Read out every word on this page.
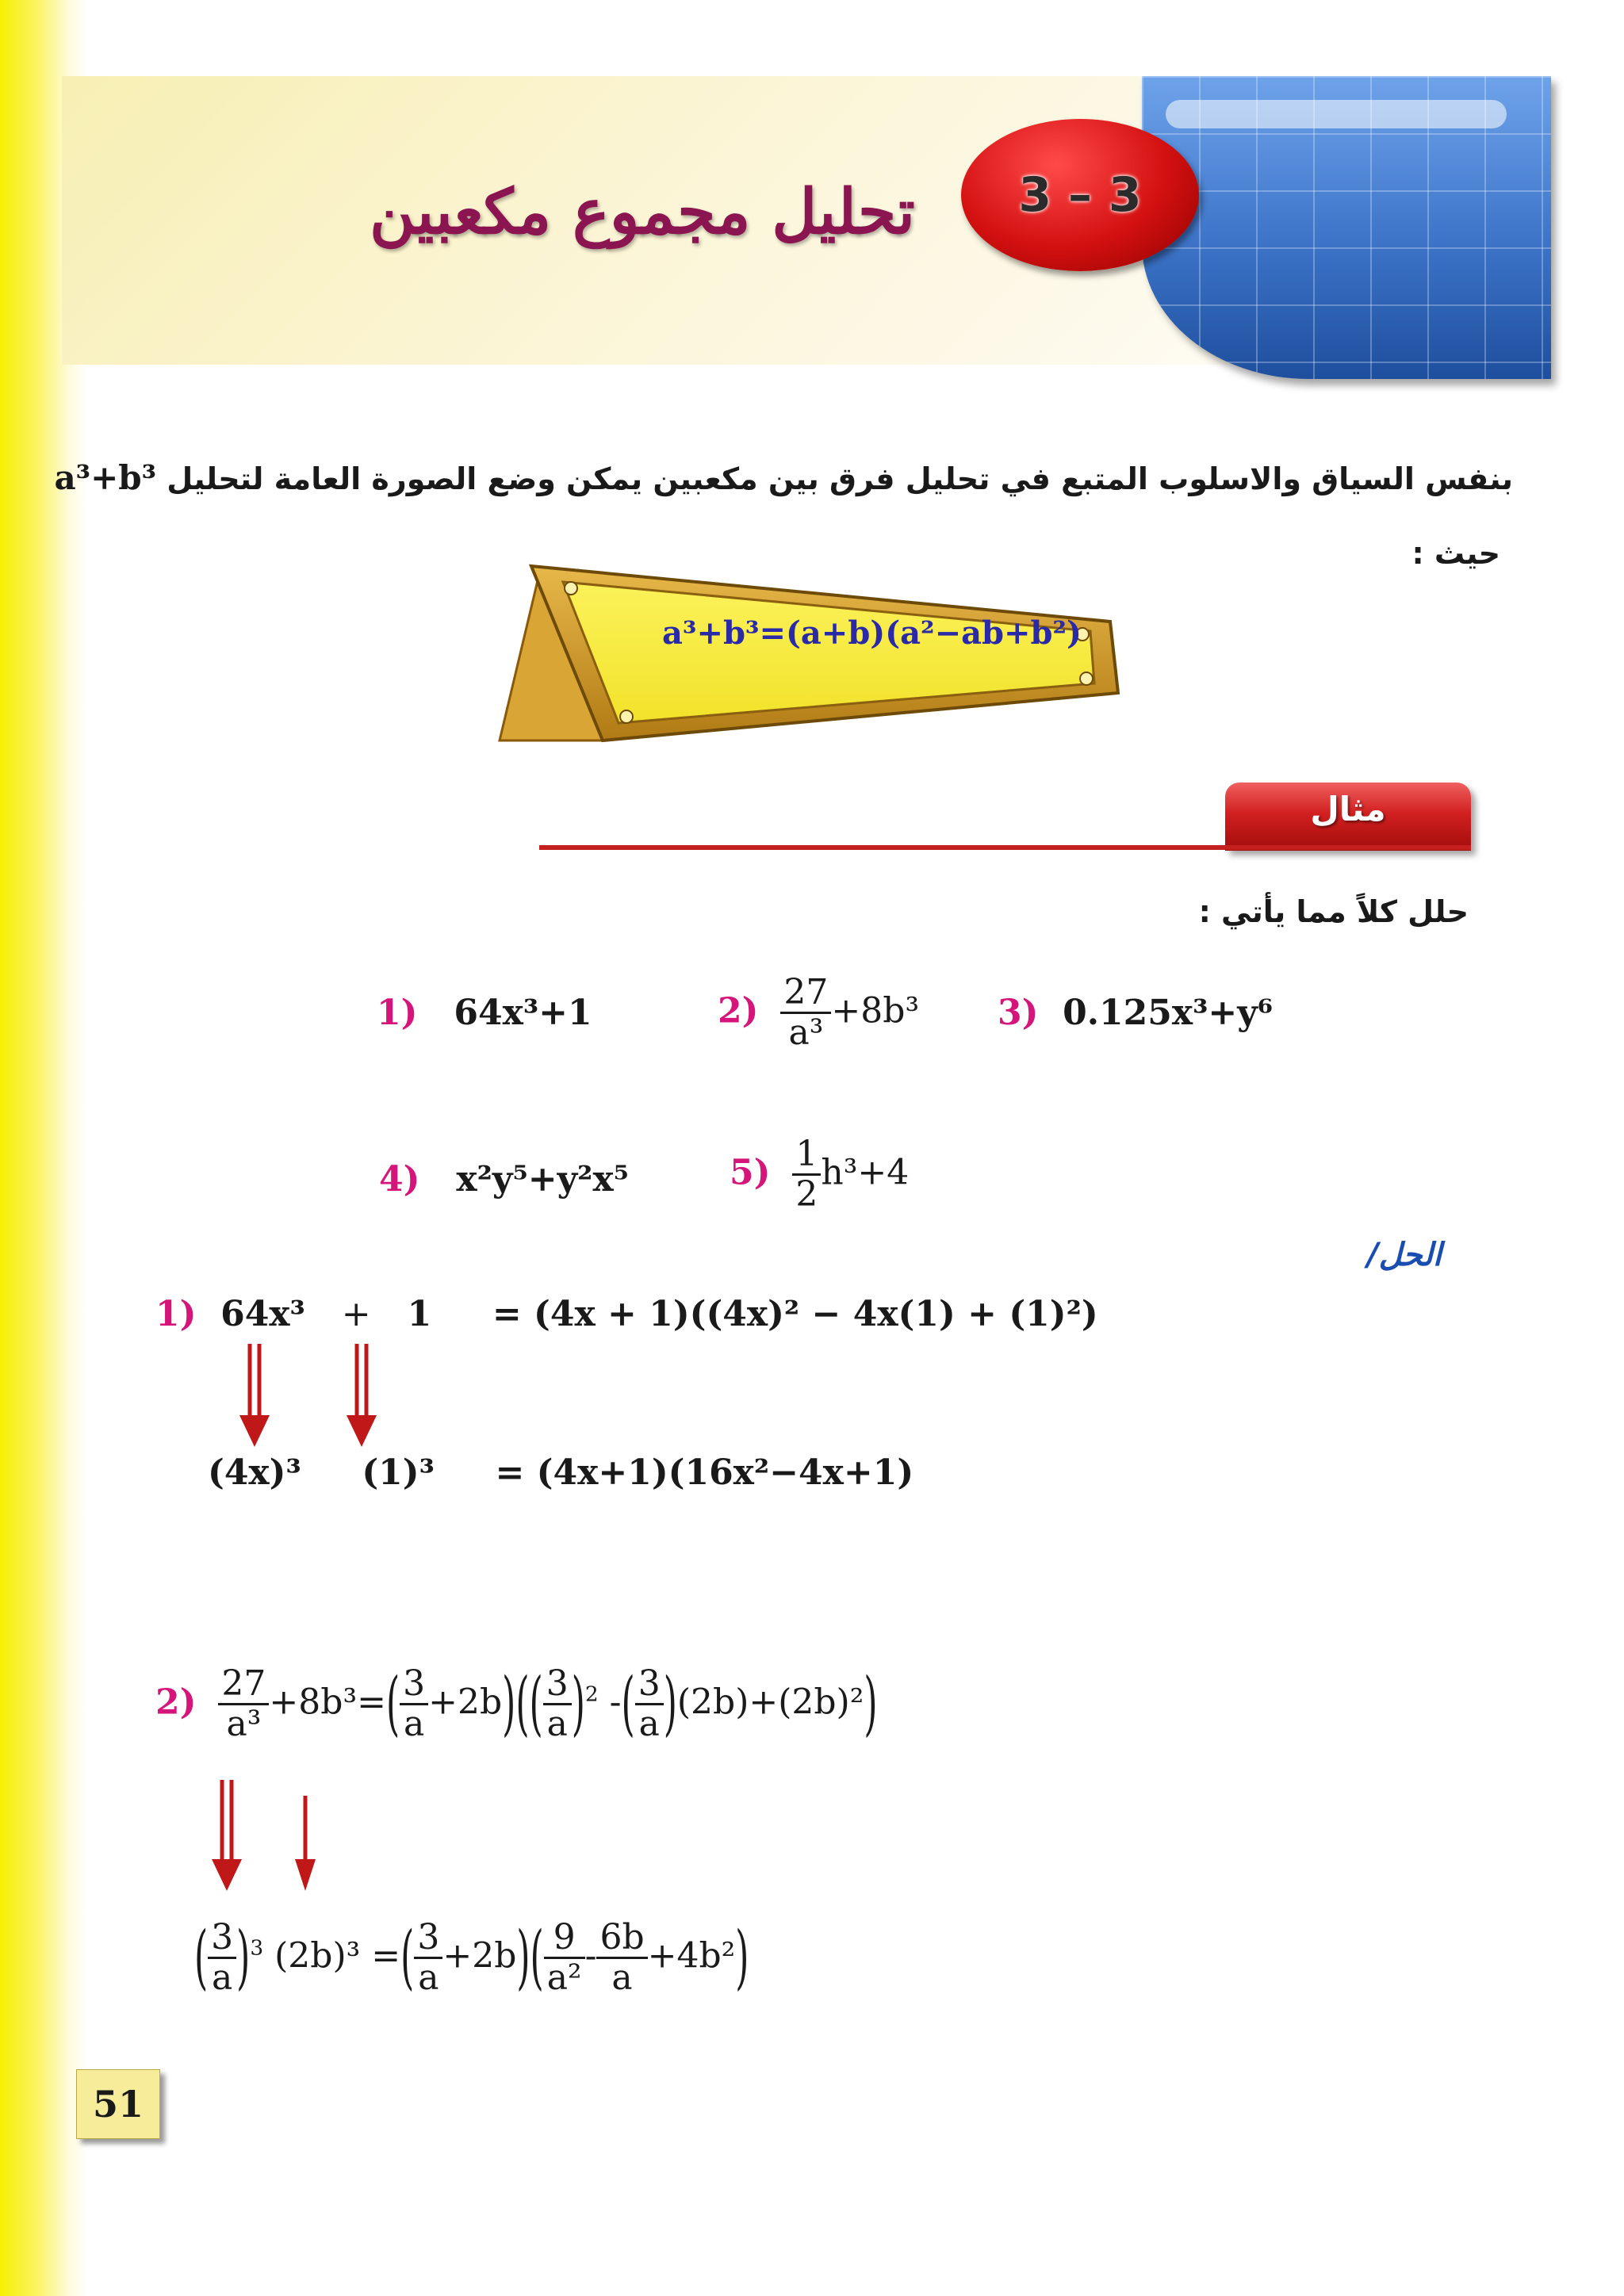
3 – 3
تحليل مجموع مكعبين
بنفس السياق والاسلوب المتبع في تحليل فرق بين مكعبين يمكن وضع الصورة العامة لتحليل a³+b³
حيث :
a³+b³=(a+b)(a²−ab+b²)
مثال
حلل كلاً مما يأتي :
1) 64x³+1	$2) \frac{27}{\text{a³}} +8b^3$ 3) 0.125x³+y⁶
4) x²y⁵+y²x⁵	$5) \frac{1}{2} h^3+4$
الحل/
1) 64x³ + 1 = (4x + 1)((4x)² − 4x(1) + (1)²)
(4x)³ (1)³ = (4x+1)(16x²−4x+1)
$2) \frac{27}{\text{a³}} +8b^3=( \frac{3}{a} +2b)(( \frac{3}{a} )^2$ -( $\frac{3}{a} )(2b)+(2b)^2$)
( $\frac{3}{a} )^3$ (2b)³ =( $\frac{3}{a} +2b)( \frac{9}{\text{a²}} - \frac{6b}{a} +4b^2)$
51
